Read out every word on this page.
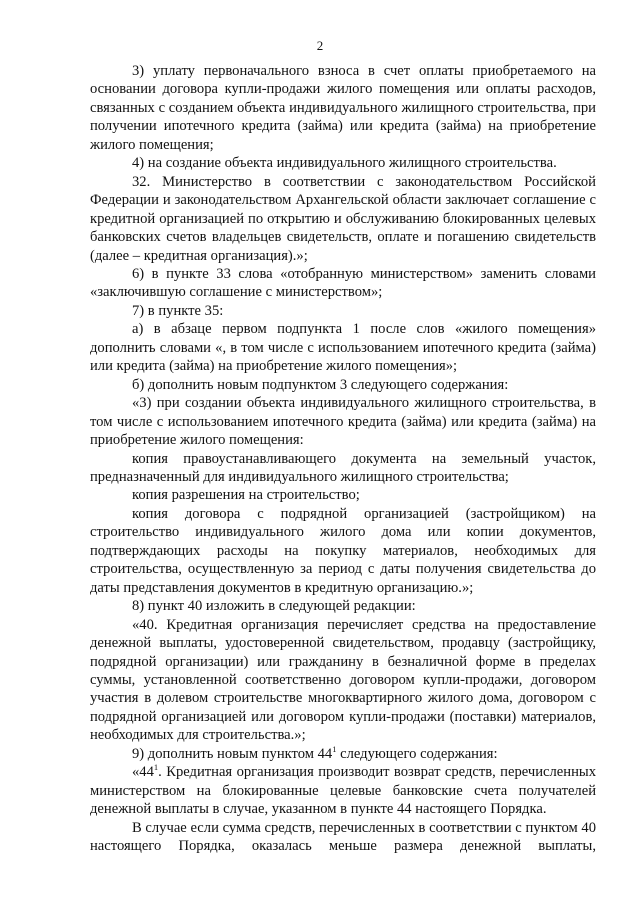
2

3) уплату первоначального взноса в счет оплаты приобретаемого на основании договора купли-продажи жилого помещения или оплаты расходов, связанных с созданием объекта индивидуального жилищного строительства, при получении ипотечного кредита (займа) или кредита (займа) на приобретение жилого помещения;

4) на создание объекта индивидуального жилищного строительства.

32. Министерство в соответствии с законодательством Российской Федерации и законодательством Архангельской области заключает соглашение с кредитной организацией по открытию и обслуживанию блокированных целевых банковских счетов владельцев свидетельств, оплате и погашению свидетельств (далее – кредитная организация).»;

6) в пункте 33 слова «отобранную министерством» заменить словами «заключившую соглашение с министерством»;

7) в пункте 35:

а) в абзаце первом подпункта 1 после слов «жилого помещения» дополнить словами «, в том числе с использованием ипотечного кредита (займа) или кредита (займа) на приобретение жилого помещения»;

б) дополнить новым подпунктом 3 следующего содержания:

«3) при создании объекта индивидуального жилищного строительства, в том числе с использованием ипотечного кредита (займа) или кредита (займа) на приобретение жилого помещения:

копия правоустанавливающего документа на земельный участок, предназначенный для индивидуального жилищного строительства;

копия разрешения на строительство;

копия договора с подрядной организацией (застройщиком) на строительство индивидуального жилого дома или копии документов, подтверждающих расходы на покупку материалов, необходимых для строительства, осуществленную за период с даты получения свидетельства до даты представления документов в кредитную организацию.»;

8) пункт 40 изложить в следующей редакции:

«40. Кредитная организация перечисляет средства на предоставление денежной выплаты, удостоверенной свидетельством, продавцу (застройщику, подрядной организации) или гражданину в безналичной форме в пределах суммы, установленной соответственно договором купли-продажи, договором участия в долевом строительстве многоквартирного жилого дома, договором с подрядной организацией или договором купли-продажи (поставки) материалов, необходимых для строительства.»;

9) дополнить новым пунктом $44^1$ следующего содержания:

«$44^1$. Кредитная организация производит возврат средств, перечисленных министерством на блокированные целевые банковские счета получателей денежной выплаты в случае, указанном в пункте 44 настоящего Порядка.

В случае если сумма средств, перечисленных в соответствии с пунктом 40 настоящего Порядка, оказалась меньше размера денежной выплаты,
